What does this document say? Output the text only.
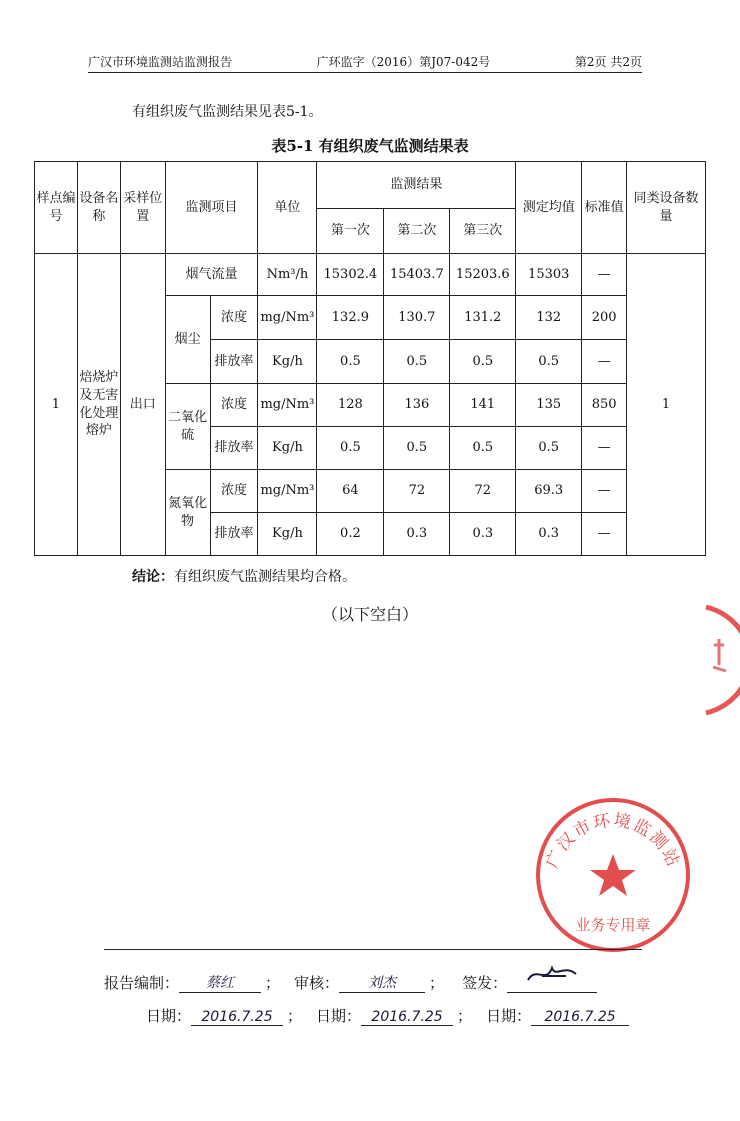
广汉市环境监测站监测报告	广环监字（2016）第J07-042号	第2页 共2页
有组织废气监测结果见表5-1。
表5-1 有组织废气监测结果表
样点编号	设备名称	采样位置	监测项目		单位	监测结果			测定均值	标准值	同类设备数量
						第一次	第二次	第三次			
1	焙烧炉及无害化处理熔炉	出口	烟气流量		Nm³/h	15302.4	15403.7	15203.6	15303	—	1
			烟尘	浓度	mg/Nm³	132.9	130.7	131.2	132	200	
				排放率	Kg/h	0.5	0.5	0.5	0.5	—	
			二氧化硫	浓度	mg/Nm³	128	136	141	135	850	
				排放率	Kg/h	0.5	0.5	0.5	0.5	—	
			氮氧化物	浓度	mg/Nm³	64	72	72	69.3	—	
				排放率	Kg/h	0.2	0.3	0.3	0.3	—	
结论：有组织废气监测结果均合格。
（以下空白）
广汉市环境监测站
业务专用章
报告编制：	蔡红	； 审核：	刘杰	； 签发：
日期： 2016.7.25 ； 日期： 2016.7.25 ； 日期： 2016.7.25
